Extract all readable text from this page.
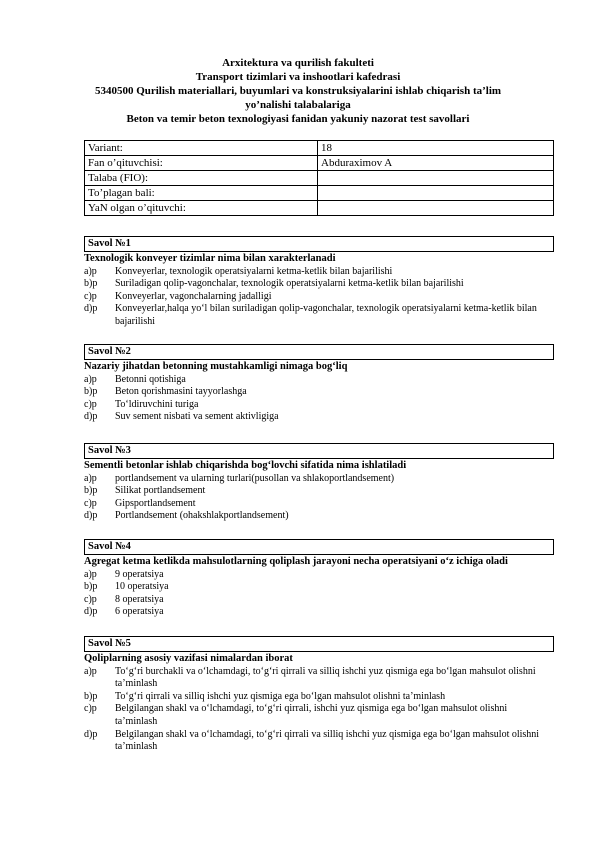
Arxitektura va qurilish fakulteti
Transport tizimlari va inshootlari kafedrasi
5340500 Qurilish materiallari, buyumlari va konstruksiyalarini ishlab chiqarish ta’lim
yo’nalishi talabalariga
Beton va temir beton texnologiyasi fanidan yakuniy nazorat test savollari
Variant:	18
Fan o’qituvchisi:	Abduraximov A
Talaba (FIO):	
To’plagan bali:	
YaN olgan o’qituvchi:	
Savol №1
Texnologik konveyer tizimlar nima bilan xarakterlanadi
a)p	Konveyerlar, texnologik operatsiyalarni ketma-ketlik bilan bajarilishi
b)p	Suriladigan qolip-vagonchalar, texnologik operatsiyalarni ketma-ketlik bilan bajarilishi
c)p	Konveyerlar, vagonchalarning jadalligi
d)p	Konveyerlar,halqa yo‘l bilan suriladigan qolip-vagonchalar, texnologik operatsiyalarni ketma-ketlik bilan bajarilishi
Savol №2
Nazariy jihatdan betonning mustahkamligi nimaga bog‘liq
a)p	Betonni qotishiga
b)p	Beton qorishmasini tayyorlashga
c)p	To‘ldiruvchini turiga
d)p	Suv sement nisbati va sement aktivligiga
Savol №3
Sementli betonlar ishlab chiqarishda bog‘lovchi sifatida nima ishlatiladi
a)p	portlandsement va ularning turlari(pusollan va shlakoportlandsement)
b)p	Silikat portlandsement
c)p	Gipsportlandsement
d)p	Portlandsement (ohakshlakportlandsement)
Savol №4
Agregat ketma ketlikda mahsulotlarning qoliplash jarayoni necha operatsiyani o‘z ichiga oladi
a)p	9 operatsiya
b)p	10 operatsiya
c)p	8 operatsiya
d)p	6 operatsiya
Savol №5
Qoliplarning asosiy vazifasi nimalardan iborat
a)p	To‘g‘ri burchakli va o‘lchamdagi, to‘g‘ri qirrali va silliq ishchi yuz qismiga ega bo‘lgan mahsulot olishni ta’minlash
b)p	To‘g‘ri qirrali va silliq ishchi yuz qismiga ega bo‘lgan mahsulot olishni ta’minlash
c)p	Belgilangan shakl va o‘lchamdagi, to‘g‘ri qirrali, ishchi yuz qismiga ega bo‘lgan mahsulot olishni ta’minlash
d)p	Belgilangan shakl va o‘lchamdagi, to‘g‘ri qirrali va silliq ishchi yuz qismiga ega bo‘lgan mahsulot olishni ta’minlash
